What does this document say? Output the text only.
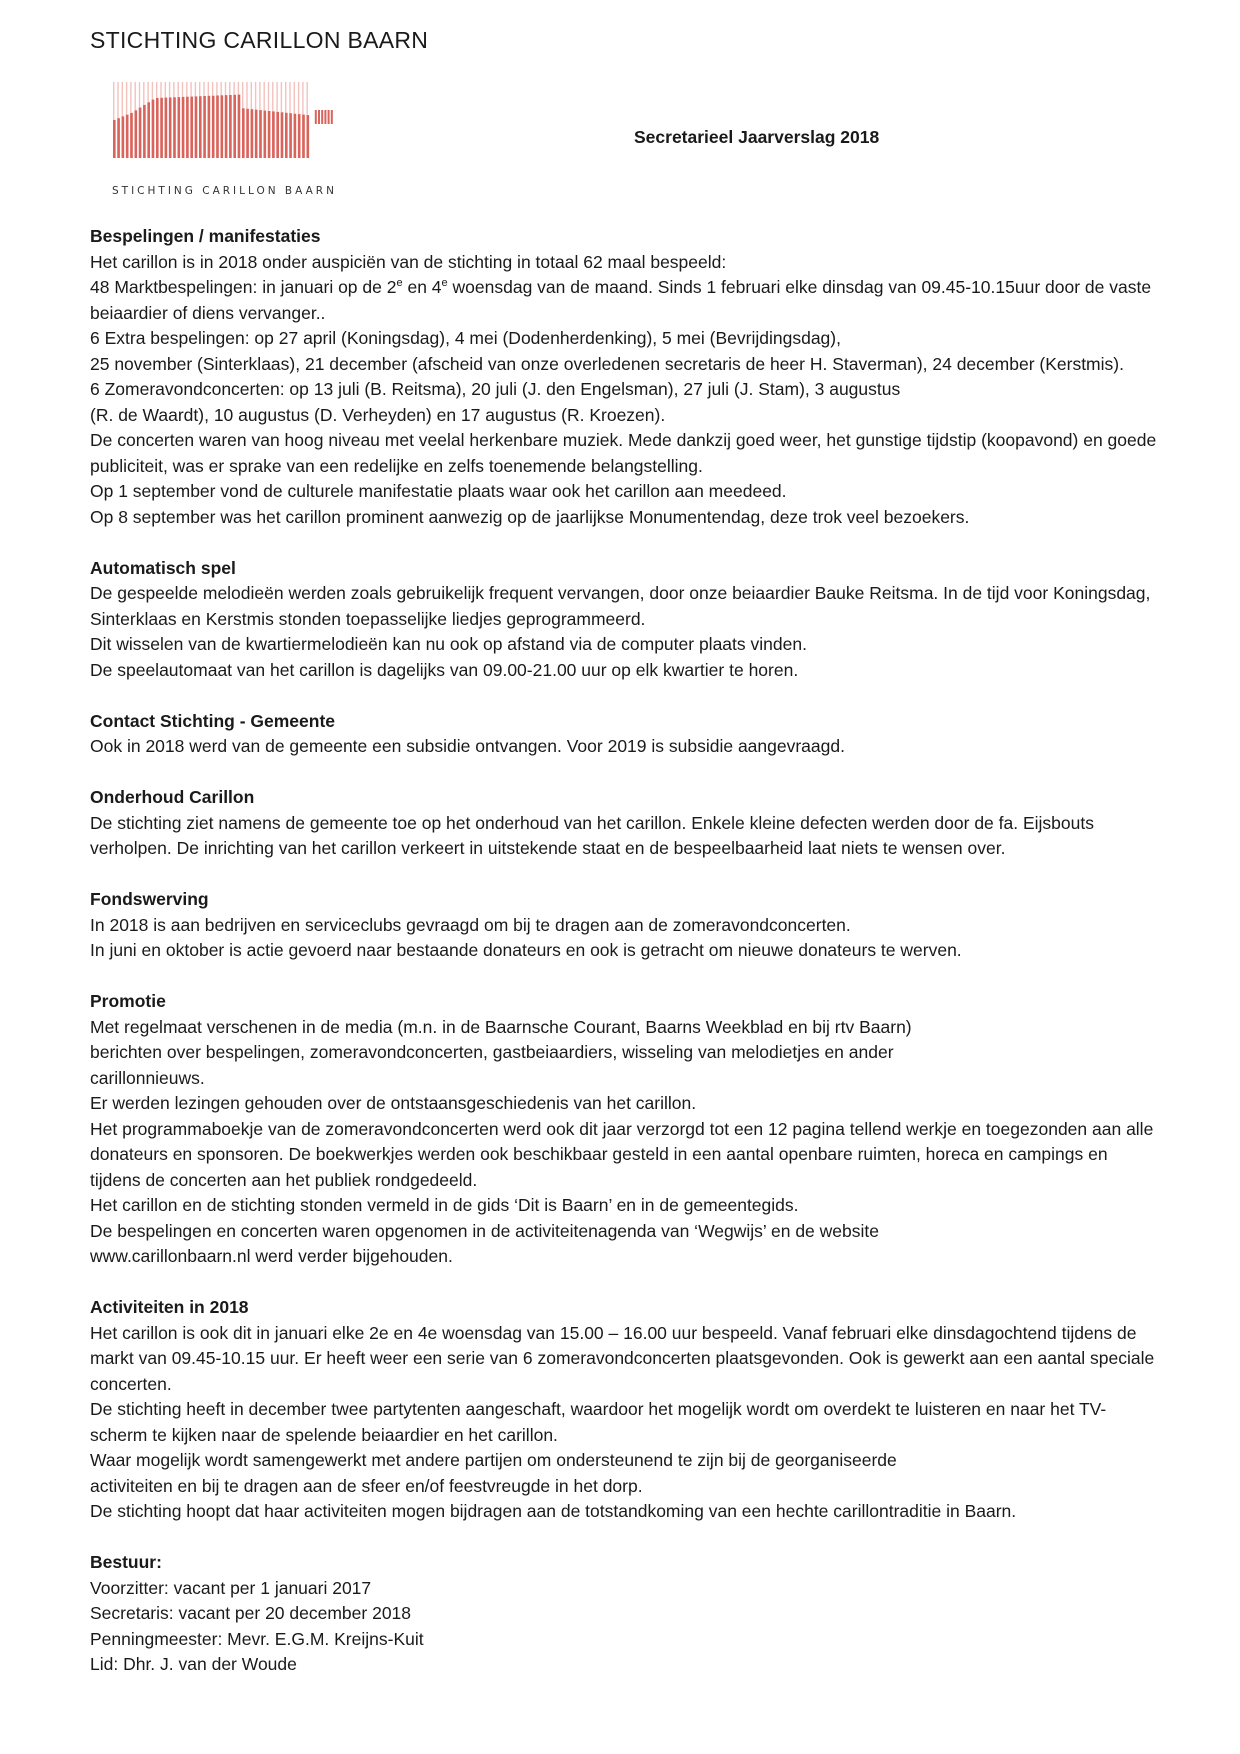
STICHTING CARILLON BAARN
STICHTING CARILLON BAARN
Secretarieel Jaarverslag 2018
Bespelingen / manifestaties

Het carillon is in 2018 onder auspiciën van de stichting in totaal 62 maal bespeeld:

48 Marktbespelingen: in januari op de 2e en 4e woensdag van de maand. Sinds 1 februari elke dinsdag van 09.45-10.15uur door de vaste beiaardier of diens vervanger..

6 Extra bespelingen: op 27 april (Koningsdag), 4 mei (Dodenherdenking), 5 mei (Bevrijdingsdag),

25 november (Sinterklaas), 21 december (afscheid van onze overledenen secretaris de heer H. Staverman), 24 december (Kerstmis).

6 Zomeravondconcerten: op 13 juli (B. Reitsma), 20 juli (J. den Engelsman), 27 juli (J. Stam), 3 augustus

(R. de Waardt), 10 augustus (D. Verheyden) en 17 augustus (R. Kroezen).

De concerten waren van hoog niveau met veelal herkenbare muziek. Mede dankzij goed weer, het gunstige tijdstip (koopavond) en goede publiciteit, was er sprake van een redelijke en zelfs toenemende belangstelling.

Op 1 september vond de culturele manifestatie plaats waar ook het carillon aan meedeed.

Op 8 september was het carillon prominent aanwezig op de jaarlijkse Monumentendag, deze trok veel bezoekers.

Automatisch spel

De gespeelde melodieën werden zoals gebruikelijk frequent vervangen, door onze beiaardier Bauke Reitsma. In de tijd voor Koningsdag, Sinterklaas en Kerstmis stonden toepasselijke liedjes geprogrammeerd.

Dit wisselen van de kwartiermelodieën kan nu ook op afstand via de computer plaats vinden.

De speelautomaat van het carillon is dagelijks van 09.00-21.00 uur op elk kwartier te horen.

Contact Stichting - Gemeente

Ook in 2018 werd van de gemeente een subsidie ontvangen. Voor 2019 is subsidie aangevraagd.

Onderhoud Carillon

De stichting ziet namens de gemeente toe op het onderhoud van het carillon. Enkele kleine defecten werden door de fa. Eijsbouts verholpen. De inrichting van het carillon verkeert in uitstekende staat en de bespeelbaarheid laat niets te wensen over.

Fondswerving

In 2018 is aan bedrijven en serviceclubs gevraagd om bij te dragen aan de zomeravondconcerten.

In juni en oktober is actie gevoerd naar bestaande donateurs en ook is getracht om nieuwe donateurs te werven.

Promotie

Met regelmaat verschenen in de media (m.n. in de Baarnsche Courant, Baarns Weekblad en bij rtv Baarn)

berichten over bespelingen, zomeravondconcerten, gastbeiaardiers, wisseling van melodietjes en ander

carillonnieuws.

Er werden lezingen gehouden over de ontstaansgeschiedenis van het carillon.

Het programmaboekje van de zomeravondconcerten werd ook dit jaar verzorgd tot een 12 pagina tellend werkje en toegezonden aan alle donateurs en sponsoren. De boekwerkjes werden ook beschikbaar gesteld in een aantal openbare ruimten, horeca en campings en tijdens de concerten aan het publiek rondgedeeld.

Het carillon en de stichting stonden vermeld in de gids ‘Dit is Baarn’ en in de gemeentegids.

De bespelingen en concerten waren opgenomen in de activiteitenagenda van ‘Wegwijs’ en de website

www.carillonbaarn.nl werd verder bijgehouden.

Activiteiten in 2018

Het carillon is ook dit in januari elke 2e en 4e woensdag van 15.00 – 16.00 uur bespeeld. Vanaf februari elke dinsdagochtend tijdens de markt van 09.45-10.15 uur. Er heeft weer een serie van 6 zomeravondconcerten plaatsgevonden. Ook is gewerkt aan een aantal speciale concerten.

De stichting heeft in december twee partytenten aangeschaft, waardoor het mogelijk wordt om overdekt te luisteren en naar het TV-scherm te kijken naar de spelende beiaardier en het carillon.

Waar mogelijk wordt samengewerkt met andere partijen om ondersteunend te zijn bij de georganiseerde

activiteiten en bij te dragen aan de sfeer en/of feestvreugde in het dorp.

De stichting hoopt dat haar activiteiten mogen bijdragen aan de totstandkoming van een hechte carillontraditie in Baarn.

Bestuur:

Voorzitter: vacant per 1 januari 2017

Secretaris: vacant per 20 december 2018

Penningmeester: Mevr. E.G.M. Kreijns-Kuit

Lid: Dhr. J. van der Woude
